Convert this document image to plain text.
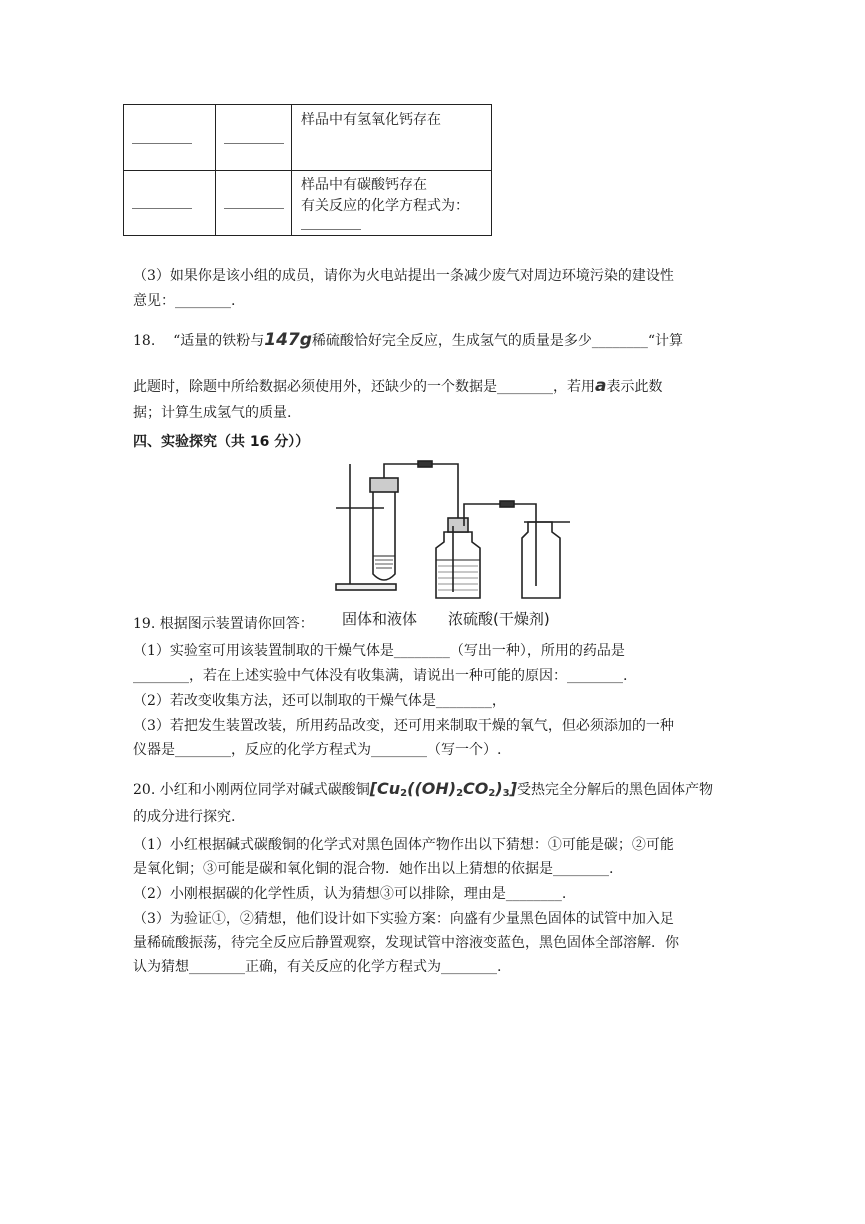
		样品中有氢氧化钙存在

		样品中有碳酸钙存在
有关反应的化学方程式为：
（3）如果你是该小组的成员，请你为火电站提出一条减少废气对周边环境污染的建设性
意见：________.
18. “适量的铁粉与147g稀硫酸恰好完全反应，生成氢气的质量是多少________“计算
此题时，除题中所给数据必须使用外，还缺少的一个数据是________，若用a表示此数
据；计算生成氢气的质量.
四、实验探究（共 16 分））
固体和液体 浓硫酸(干燥剂)
19. 根据图示装置请你回答：
（1）实验室可用该装置制取的干燥气体是________（写出一种），所用的药品是
________，若在上述实验中气体没有收集满，请说出一种可能的原因：________.
（2）若改变收集方法，还可以制取的干燥气体是________，
（3）若把发生装置改装，所用药品改变，还可用来制取干燥的氧气，但必须添加的一种
仪器是________，反应的化学方程式为________（写一个）.
20. 小红和小刚两位同学对碱式碳酸铜$[Cu_2((OH)_2CO_2)_3]$受热完全分解后的黑色固体产物
的成分进行探究.
（1）小红根据碱式碳酸铜的化学式对黑色固体产物作出以下猜想：①可能是碳；②可能
是氧化铜；③可能是碳和氧化铜的混合物．她作出以上猜想的依据是________.
（2）小刚根据碳的化学性质，认为猜想③可以排除，理由是________.
（3）为验证①，②猜想，他们设计如下实验方案：向盛有少量黑色固体的试管中加入足
量稀硫酸振荡，待完全反应后静置观察，发现试管中溶液变蓝色，黑色固体全部溶解．你
认为猜想________正确，有关反应的化学方程式为________.
